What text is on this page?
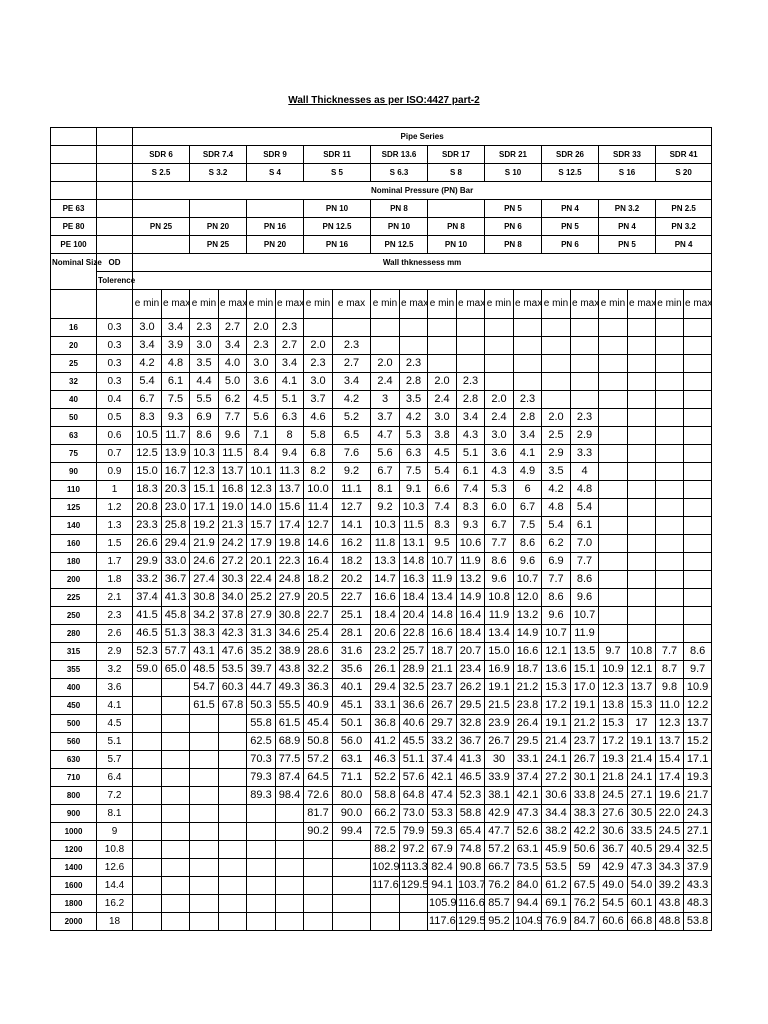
Wall Thicknesses as per ISO:4427 part-2
		Pipe Series																			
		SDR 6		SDR 7.4		SDR 9		SDR 11		SDR 13.6		SDR 17		SDR 21		SDR 26		SDR 33		SDR 41	
		S 2.5		S 3.2		S 4		S 5		S 6.3		S 8		S 10		S 12.5		S 16		S 20	
		Nominal Pressure (PN) Bar																			
PE 63								PN 10		PN 8				PN 5		PN 4		PN 3.2		PN 2.5	
PE 80		PN 25		PN 20		PN 16		PN 12.5		PN 10		PN 8		PN 6		PN 5		PN 4		PN 3.2	
PE 100				PN 25		PN 20		PN 16		PN 12.5		PN 10		PN 8		PN 6		PN 5		PN 4	
Nominal Size	OD	Wall thknessess mm																			
	Tolerence																				
		e min	e max	e min	e max	e min	e max	e min	e max	e min	e max	e min	e max	e min	e max	e min	e max	e min	e max	e min	e max
16	0.3	3.0	3.4	2.3	2.7	2.0	2.3														
20	0.3	3.4	3.9	3.0	3.4	2.3	2.7	2.0	2.3												
25	0.3	4.2	4.8	3.5	4.0	3.0	3.4	2.3	2.7	2.0	2.3										
32	0.3	5.4	6.1	4.4	5.0	3.6	4.1	3.0	3.4	2.4	2.8	2.0	2.3								
40	0.4	6.7	7.5	5.5	6.2	4.5	5.1	3.7	4.2	3	3.5	2.4	2.8	2.0	2.3						
50	0.5	8.3	9.3	6.9	7.7	5.6	6.3	4.6	5.2	3.7	4.2	3.0	3.4	2.4	2.8	2.0	2.3				
63	0.6	10.5	11.7	8.6	9.6	7.1	8	5.8	6.5	4.7	5.3	3.8	4.3	3.0	3.4	2.5	2.9				
75	0.7	12.5	13.9	10.3	11.5	8.4	9.4	6.8	7.6	5.6	6.3	4.5	5.1	3.6	4.1	2.9	3.3				
90	0.9	15.0	16.7	12.3	13.7	10.1	11.3	8.2	9.2	6.7	7.5	5.4	6.1	4.3	4.9	3.5	4				
110	1	18.3	20.3	15.1	16.8	12.3	13.7	10.0	11.1	8.1	9.1	6.6	7.4	5.3	6	4.2	4.8				
125	1.2	20.8	23.0	17.1	19.0	14.0	15.6	11.4	12.7	9.2	10.3	7.4	8.3	6.0	6.7	4.8	5.4				
140	1.3	23.3	25.8	19.2	21.3	15.7	17.4	12.7	14.1	10.3	11.5	8.3	9.3	6.7	7.5	5.4	6.1				
160	1.5	26.6	29.4	21.9	24.2	17.9	19.8	14.6	16.2	11.8	13.1	9.5	10.6	7.7	8.6	6.2	7.0				
180	1.7	29.9	33.0	24.6	27.2	20.1	22.3	16.4	18.2	13.3	14.8	10.7	11.9	8.6	9.6	6.9	7.7				
200	1.8	33.2	36.7	27.4	30.3	22.4	24.8	18.2	20.2	14.7	16.3	11.9	13.2	9.6	10.7	7.7	8.6				
225	2.1	37.4	41.3	30.8	34.0	25.2	27.9	20.5	22.7	16.6	18.4	13.4	14.9	10.8	12.0	8.6	9.6				
250	2.3	41.5	45.8	34.2	37.8	27.9	30.8	22.7	25.1	18.4	20.4	14.8	16.4	11.9	13.2	9.6	10.7				
280	2.6	46.5	51.3	38.3	42.3	31.3	34.6	25.4	28.1	20.6	22.8	16.6	18.4	13.4	14.9	10.7	11.9				
315	2.9	52.3	57.7	43.1	47.6	35.2	38.9	28.6	31.6	23.2	25.7	18.7	20.7	15.0	16.6	12.1	13.5	9.7	10.8	7.7	8.6
355	3.2	59.0	65.0	48.5	53.5	39.7	43.8	32.2	35.6	26.1	28.9	21.1	23.4	16.9	18.7	13.6	15.1	10.9	12.1	8.7	9.7
400	3.6			54.7	60.3	44.7	49.3	36.3	40.1	29.4	32.5	23.7	26.2	19.1	21.2	15.3	17.0	12.3	13.7	9.8	10.9
450	4.1			61.5	67.8	50.3	55.5	40.9	45.1	33.1	36.6	26.7	29.5	21.5	23.8	17.2	19.1	13.8	15.3	11.0	12.2
500	4.5					55.8	61.5	45.4	50.1	36.8	40.6	29.7	32.8	23.9	26.4	19.1	21.2	15.3	17	12.3	13.7
560	5.1					62.5	68.9	50.8	56.0	41.2	45.5	33.2	36.7	26.7	29.5	21.4	23.7	17.2	19.1	13.7	15.2
630	5.7					70.3	77.5	57.2	63.1	46.3	51.1	37.4	41.3	30	33.1	24.1	26.7	19.3	21.4	15.4	17.1
710	6.4					79.3	87.4	64.5	71.1	52.2	57.6	42.1	46.5	33.9	37.4	27.2	30.1	21.8	24.1	17.4	19.3
800	7.2					89.3	98.4	72.6	80.0	58.8	64.8	47.4	52.3	38.1	42.1	30.6	33.8	24.5	27.1	19.6	21.7
900	8.1							81.7	90.0	66.2	73.0	53.3	58.8	42.9	47.3	34.4	38.3	27.6	30.5	22.0	24.3
1000	9							90.2	99.4	72.5	79.9	59.3	65.4	47.7	52.6	38.2	42.2	30.6	33.5	24.5	27.1
1200	10.8									88.2	97.2	67.9	74.8	57.2	63.1	45.9	50.6	36.7	40.5	29.4	32.5
1400	12.6									102.9	113.3	82.4	90.8	66.7	73.5	53.5	59	42.9	47.3	34.3	37.9
1600	14.4									117.6	129.5	94.1	103.7	76.2	84.0	61.2	67.5	49.0	54.0	39.2	43.3
1800	16.2											105.9	116.6	85.7	94.4	69.1	76.2	54.5	60.1	43.8	48.3
2000	18											117.6	129.5	95.2	104.9	76.9	84.7	60.6	66.8	48.8	53.8
